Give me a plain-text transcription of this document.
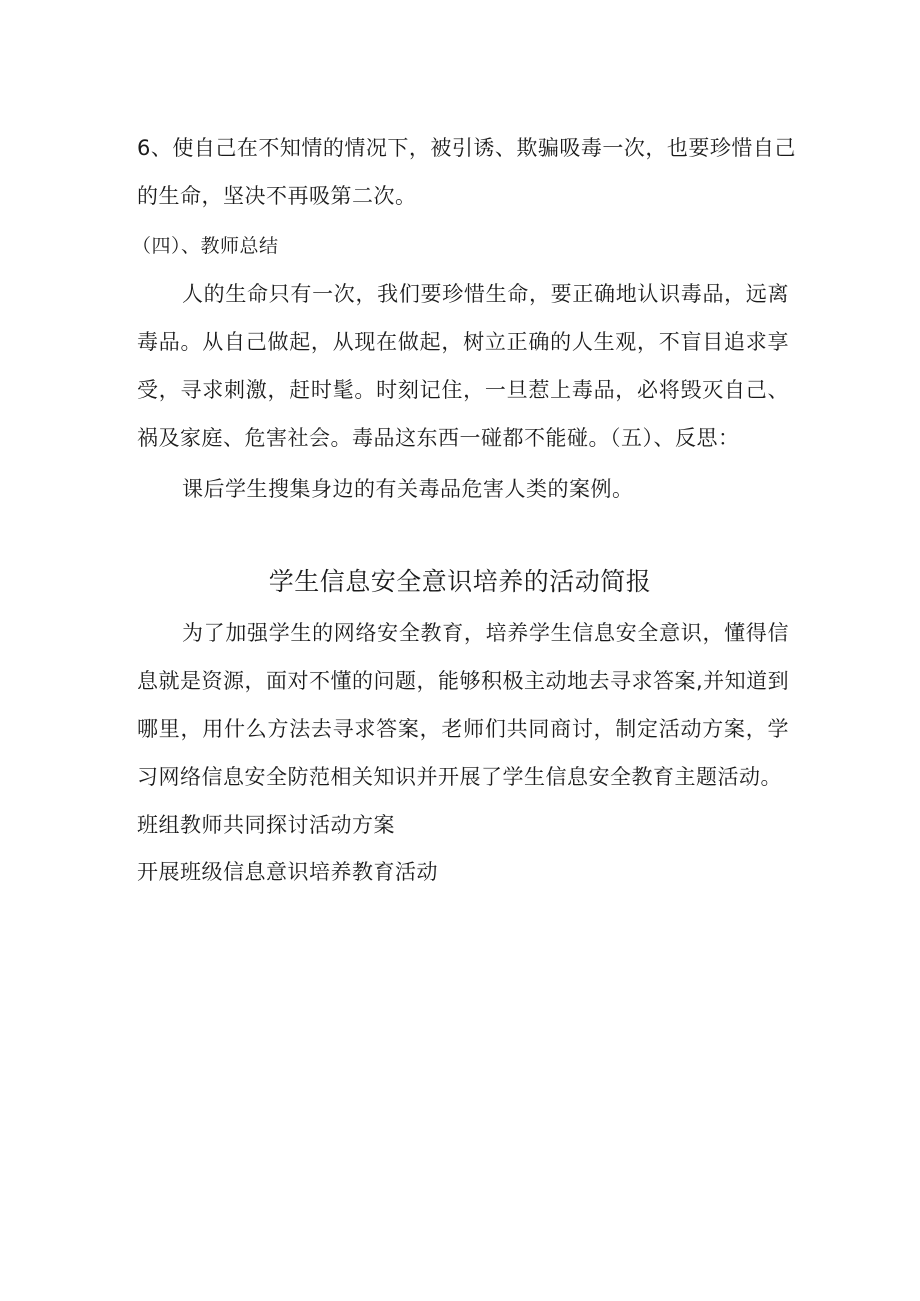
6、使自己在不知情的情况下，被引诱、欺骗吸毒一次，也要珍惜自己
的生命，坚决不再吸第二次。
（四）、教师总结
人的生命只有一次，我们要珍惜生命，要正确地认识毒品，远离
毒品。从自己做起，从现在做起，树立正确的人生观，不盲目追求享
受，寻求刺激，赶时髦。时刻记住，一旦惹上毒品，必将毁灭自己、
祸及家庭、危害社会。毒品这东西一碰都不能碰。（五）、反思：
课后学生搜集身边的有关毒品危害人类的案例。
学生信息安全意识培养的活动简报
为了加强学生的网络安全教育，培养学生信息安全意识，懂得信
息就是资源，面对不懂的问题，能够积极主动地去寻求答案,并知道到
哪里，用什么方法去寻求答案，老师们共同商讨，制定活动方案，学
习网络信息安全防范相关知识并开展了学生信息安全教育主题活动。
班组教师共同探讨活动方案
开展班级信息意识培养教育活动
